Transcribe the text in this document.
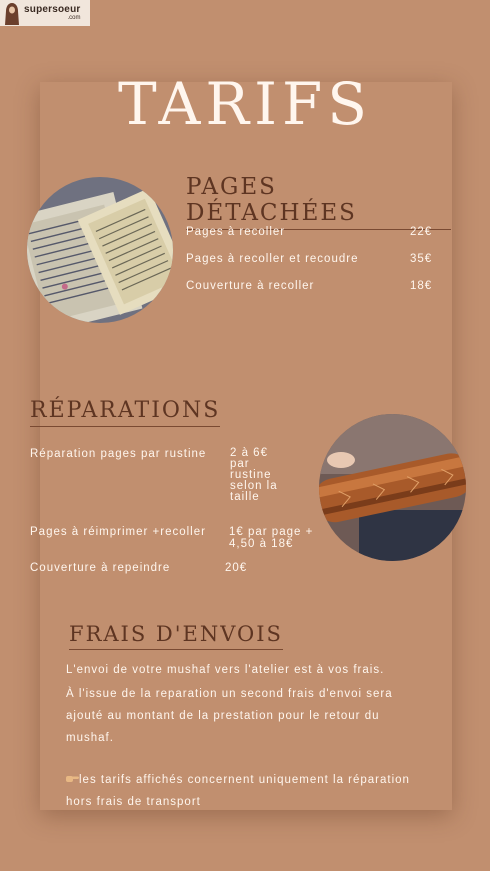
supersoeur
.com
TARIFS
PAGES DÉTACHÉES
Pages à recoller	22€
Pages à recoller et recoudre	35€
Couverture à recoller	18€
RÉPARATIONS
Réparation pages par rustine 2 à 6€
par
rustine
selon la
taille
Pages à réimprimer +recoller 1€ par page +
4,50 à 18€
Couverture à repeindre	20€
FRAIS D'ENVOIS
L'envoi de votre mushaf vers l'atelier est à vos frais.
À l'issue de la reparation un second frais d'envoi sera ajouté au montant de la prestation pour le retour du mushaf.
les tarifs affichés concernent uniquement la réparation hors frais de transport
